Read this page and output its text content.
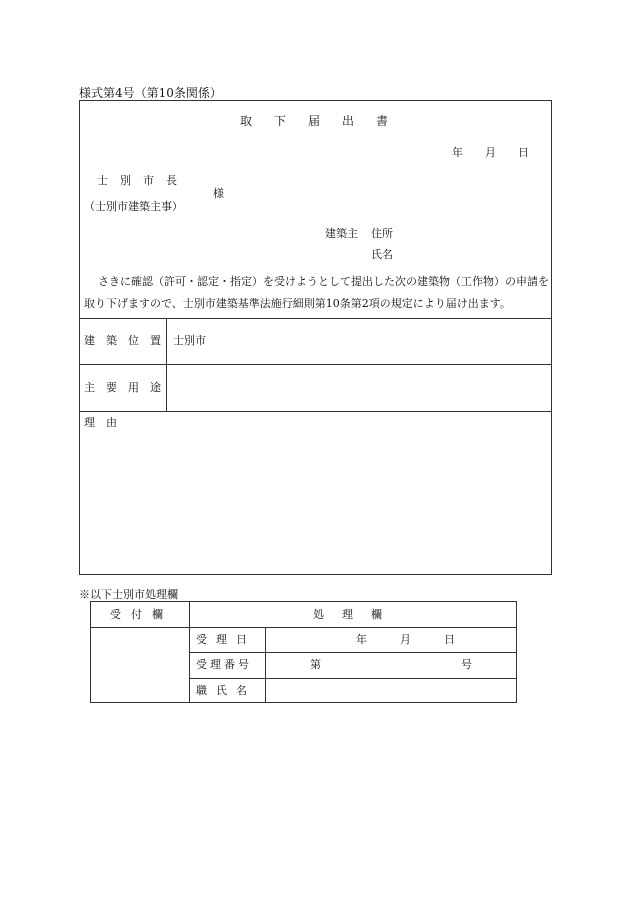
様式第4号（第10条関係）
取下届出書
年　　月　　日
士別市長
様
（士別市建築主事）
建築主 住所
氏名
さきに確認（許可・認定・指定）を受けようとして提出した次の建築物（工作物）の申請を
取り下げますので、士別市建築基準法施行細則第10条第2項の規定により届け出ます。
建築位置 士別市
主要用途
理由
※以下士別市処理欄
受付欄	処理欄
受理日	年　　　月　　　日
受理番号	第	号
職氏名
